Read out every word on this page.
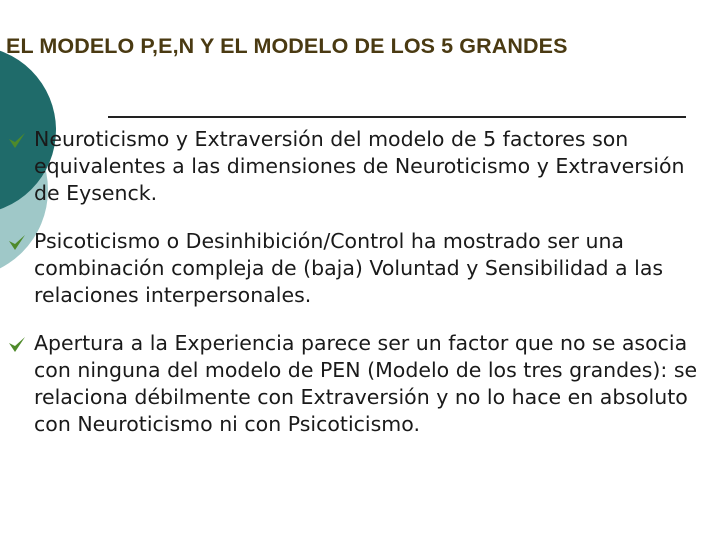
EL MODELO P,E,N Y EL MODELO DE LOS 5 GRANDES
Neuroticismo y Extraversión del modelo de 5 factores son equivalentes a las dimensiones de Neuroticismo y Extraversión de Eysenck.
Psicoticismo o Desinhibición/Control ha mostrado ser una combinación compleja de (baja) Voluntad y Sensibilidad a las relaciones interpersonales.
Apertura a la Experiencia parece ser un factor que no se asocia con ninguna del modelo de PEN (Modelo de los tres grandes): se relaciona débilmente con Extraversión y no lo hace en absoluto con Neuroticismo ni con Psicoticismo.
